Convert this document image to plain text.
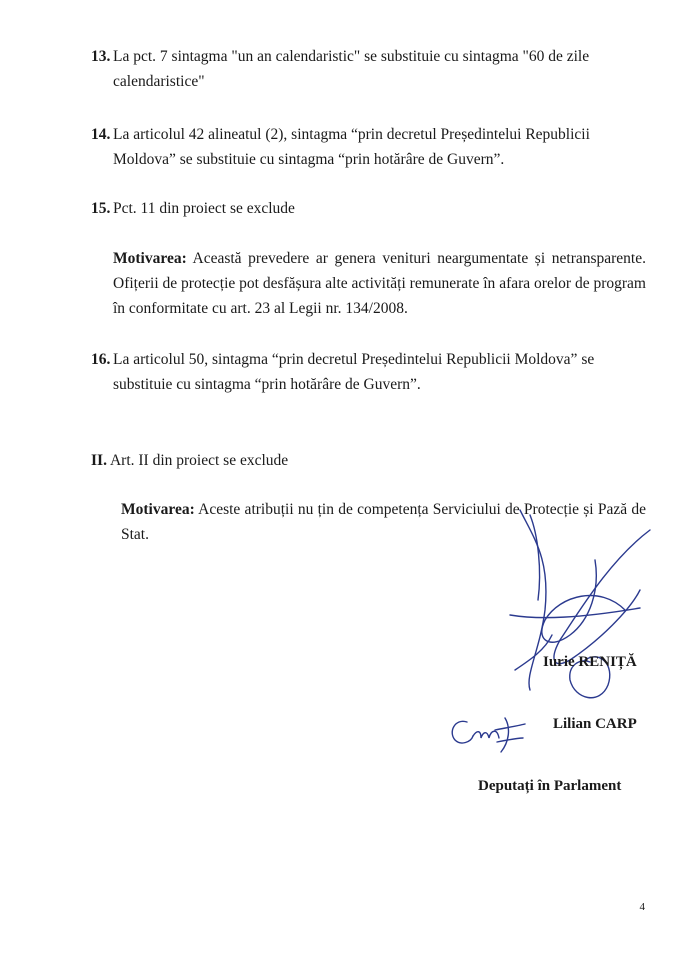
13. La pct. 7 sintagma "un an calendaristic" se substituie cu sintagma "60 de zile
calendaristice"
14. La articolul 42 alineatul (2), sintagma “prin decretul Președintelui Republicii
Moldova” se substituie cu sintagma “prin hotărâre de Guvern”.
15. Pct. 11 din proiect se exclude
Motivarea: Această prevedere ar genera venituri neargumentate și netransparente. Ofițerii de protecție pot desfășura alte activități remunerate în afara orelor de program în conformitate cu art. 23 al Legii nr. 134/2008.
16. La articolul 50, sintagma “prin decretul Președintelui Republicii Moldova” se
substituie cu sintagma “prin hotărâre de Guvern”.
II. Art. II din proiect se exclude
Motivarea: Aceste atribuții nu țin de competența Serviciului de Protecție și Pază de Stat.
Iurie RENIȚĂ
Lilian CARP
Deputați în Parlament
4
